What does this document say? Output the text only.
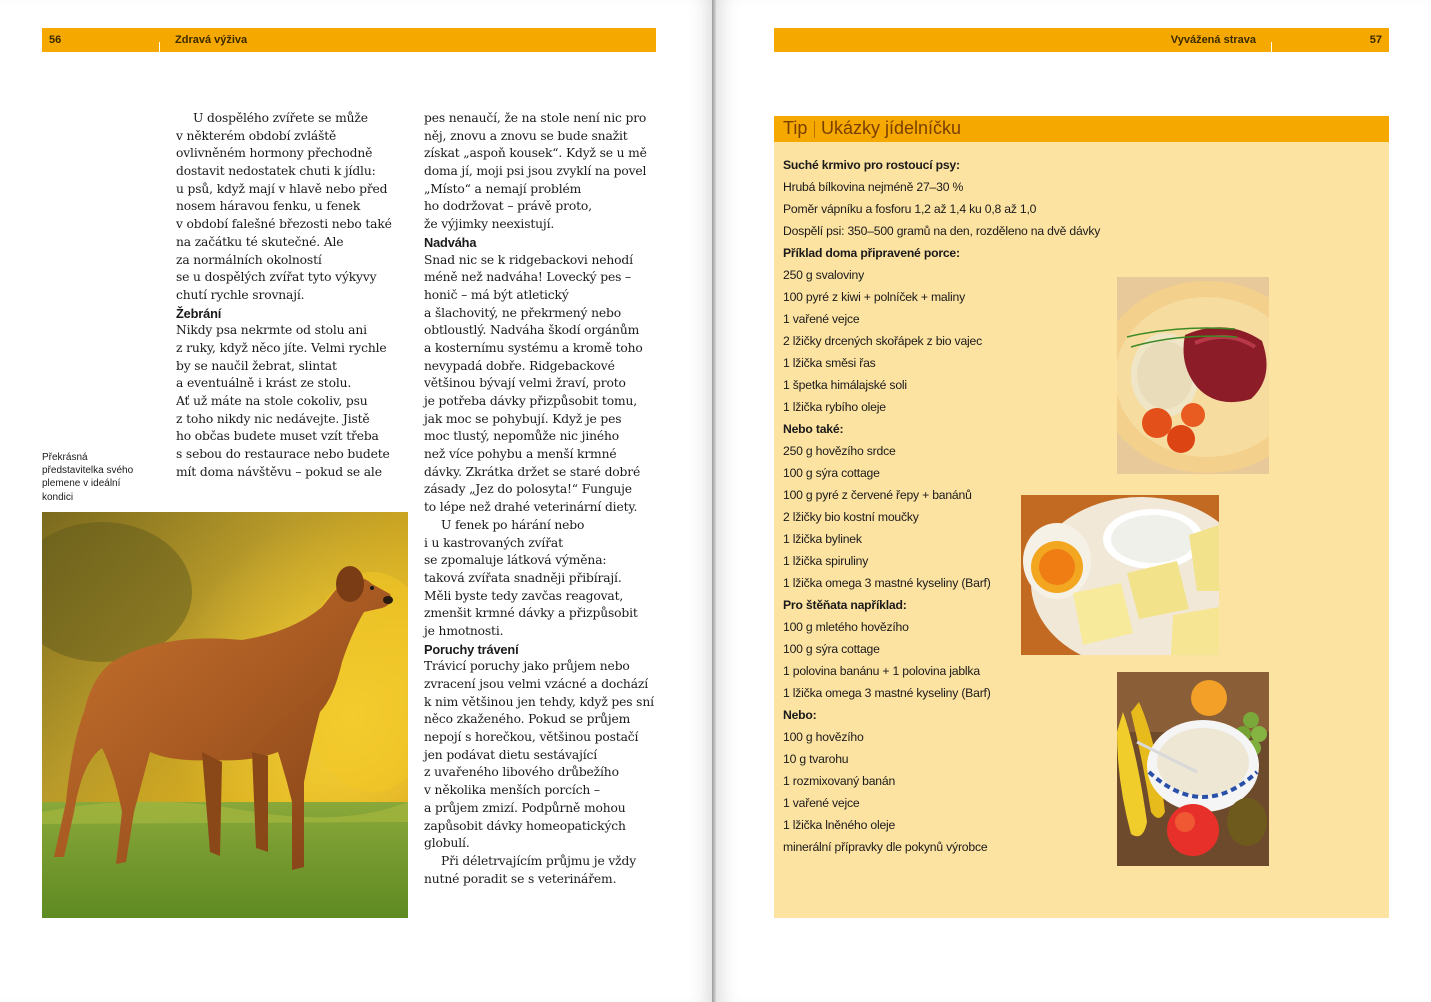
56	Zdravá výživa	Vyvážená strava	57
U dospělého zvířete se může
v některém období zvláště
ovlivněném hormony přechodně
dostavit nedostatek chuti k jídlu:
u psů, když mají v hlavě nebo před
nosem háravou fenku, u fenek
v období falešné březosti nebo také
na začátku té skutečné. Ale
za normálních okolností
se u dospělých zvířat tyto výkyvy
chutí rychle srovnají.
Žebrání
Nikdy psa nekrmte od stolu ani
z ruky, když něco jíte. Velmi rychle
by se naučil žebrat, slintat
a eventuálně i krást ze stolu.
Ať už máte na stole cokoliv, psu
z toho nikdy nic nedávejte. Jistě
ho občas budete muset vzít třeba
s sebou do restaurace nebo budete
mít doma návštěvu – pokud se ale
pes nenaučí, že na stole není nic pro
něj, znovu a znovu se bude snažit
získat „aspoň kousek“. Když se u mě
doma jí, moji psi jsou zvyklí na povel
„Místo“ a nemají problém
ho dodržovat – právě proto,
že výjimky neexistují.
Nadváha
Snad nic se k ridgebackovi nehodí
méně než nadváha! Lovecký pes –
honič – má být atletický
a šlachovitý, ne překrmený nebo
obtloustlý. Nadváha škodí orgánům
a kosternímu systému a kromě toho
nevypadá dobře. Ridgebackové
většinou bývají velmi žraví, proto
je potřeba dávky přizpůsobit tomu,
jak moc se pohybují. Když je pes
moc tlustý, nepomůže nic jiného
než více pohybu a menší krmné
dávky. Zkrátka držet se staré dobré
zásady „Jez do polosyta!“ Funguje
to lépe než drahé veterinární diety.
U fenek po hárání nebo
i u kastrovaných zvířat
se zpomaluje látková výměna:
taková zvířata snadněji přibírají.
Měli byste tedy zavčas reagovat,
zmenšit krmné dávky a přizpůsobit
je hmotnosti.
Poruchy trávení
Trávicí poruchy jako průjem nebo
zvracení jsou velmi vzácné a dochází
k nim většinou jen tehdy, když pes sní
něco zkaženého. Pokud se průjem
nepojí s horečkou, většinou postačí
jen podávat dietu sestávající
z uvařeného libového drůbežího
v několika menších porcích –
a průjem zmizí. Podpůrně mohou
zapůsobit dávky homeopatických
globulí.
Při déletrvajícím průjmu je vždy
nutné poradit se s veterinářem.
Překrásná
představitelka svého
plemene v ideální
kondici
Tip Ukázky jídelníčku
Suché krmivo pro rostoucí psy:
Hrubá bílkovina nejméně 27–30 %
Poměr vápníku a fosforu 1,2 až 1,4 ku 0,8 až 1,0
Dospělí psi: 350–500 gramů na den, rozděleno na dvě dávky
Příklad doma připravené porce:
250 g svaloviny
100 pyré z kiwi + polníček + maliny
1 vařené vejce
2 lžičky drcených skořápek z bio vajec
1 lžička směsi řas
1 špetka himálajské soli
1 lžička rybího oleje
Nebo také:
250 g hovězího srdce
100 g sýra cottage
100 g pyré z červené řepy + banánů
2 lžičky bio kostní moučky
1 lžička bylinek
1 lžička spiruliny
1 lžička omega 3 mastné kyseliny (Barf)
Pro štěňata například:
100 g mletého hovězího
100 g sýra cottage
1 polovina banánu + 1 polovina jablka
1 lžička omega 3 mastné kyseliny (Barf)
Nebo:
100 g hovězího
10 g tvarohu
1 rozmixovaný banán
1 vařené vejce
1 lžička lněného oleje
minerální přípravky dle pokynů výrobce
